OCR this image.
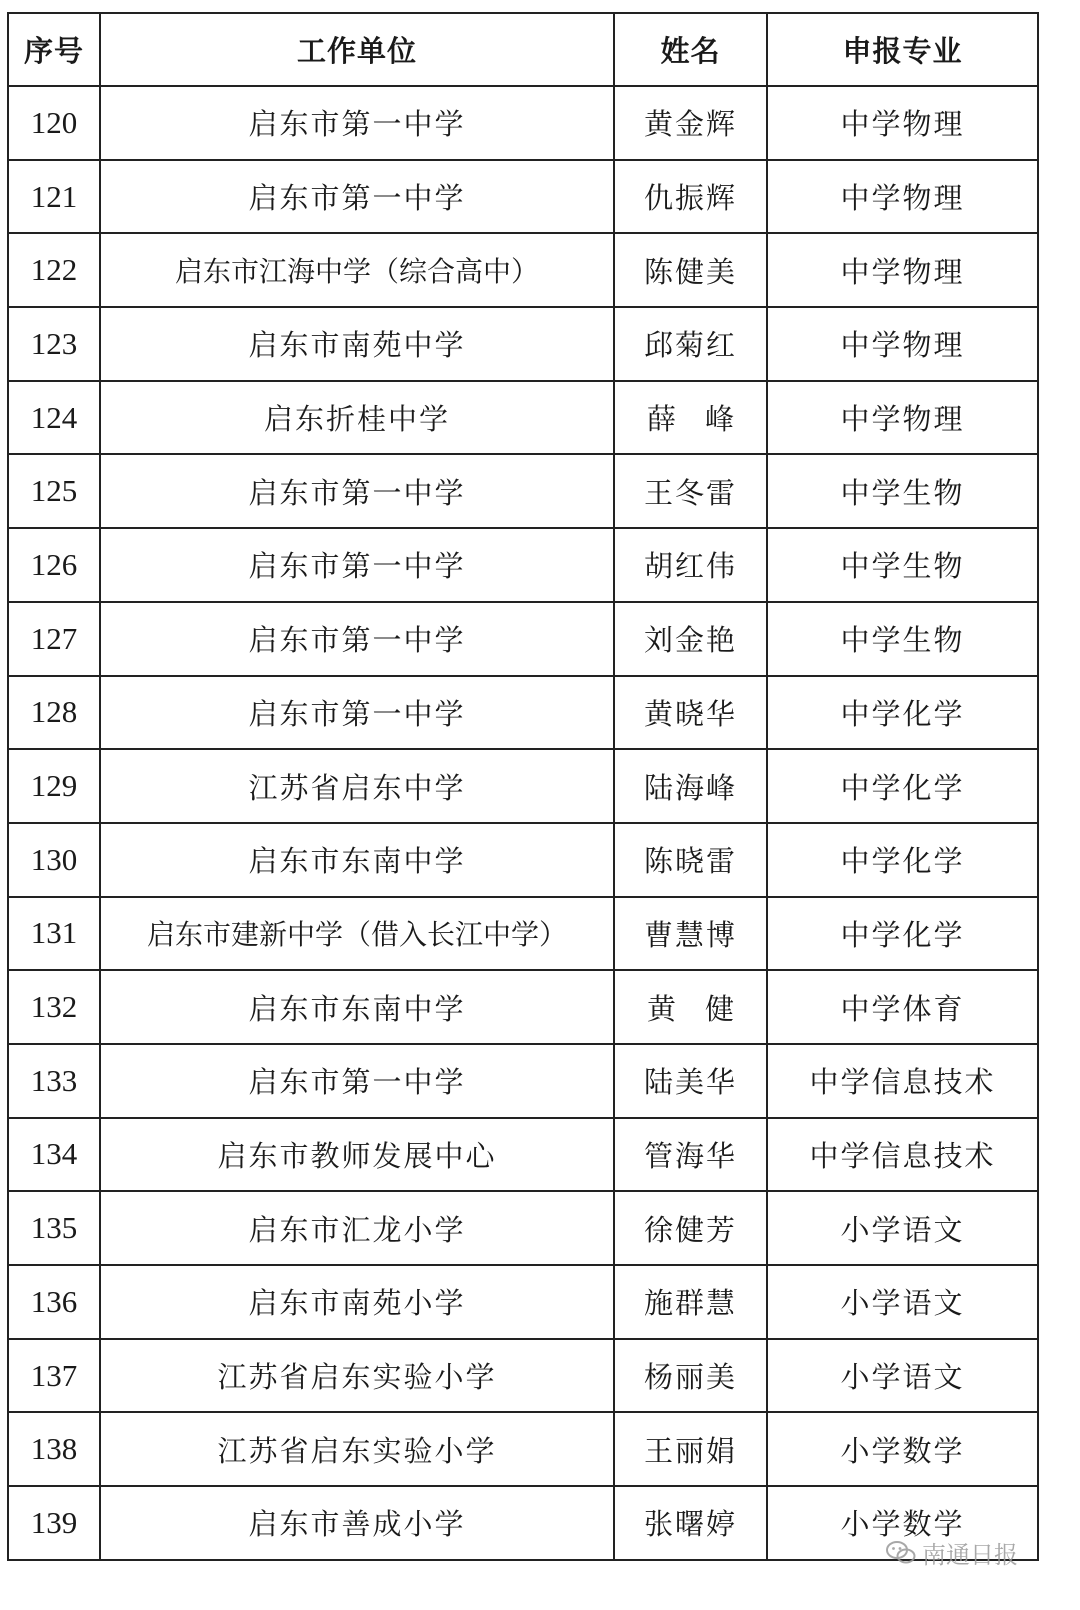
序号	工作单位	姓名	申报专业
120	启东市第一中学	黄金辉	中学物理
121	启东市第一中学	仇振辉	中学物理
122	启东市江海中学（综合高中）	陈健美	中学物理
123	启东市南苑中学	邱菊红	中学物理
124	启东折桂中学	薛　峰	中学物理
125	启东市第一中学	王冬雷	中学生物
126	启东市第一中学	胡红伟	中学生物
127	启东市第一中学	刘金艳	中学生物
128	启东市第一中学	黄晓华	中学化学
129	江苏省启东中学	陆海峰	中学化学
130	启东市东南中学	陈晓雷	中学化学
131	启东市建新中学（借入长江中学）	曹慧博	中学化学
132	启东市东南中学	黄　健	中学体育
133	启东市第一中学	陆美华	中学信息技术
134	启东市教师发展中心	管海华	中学信息技术
135	启东市汇龙小学	徐健芳	小学语文
136	启东市南苑小学	施群慧	小学语文
137	江苏省启东实验小学	杨丽美	小学语文
138	江苏省启东实验小学	王丽娟	小学数学
139	启东市善成小学	张曙婷	小学数学
南通日报
